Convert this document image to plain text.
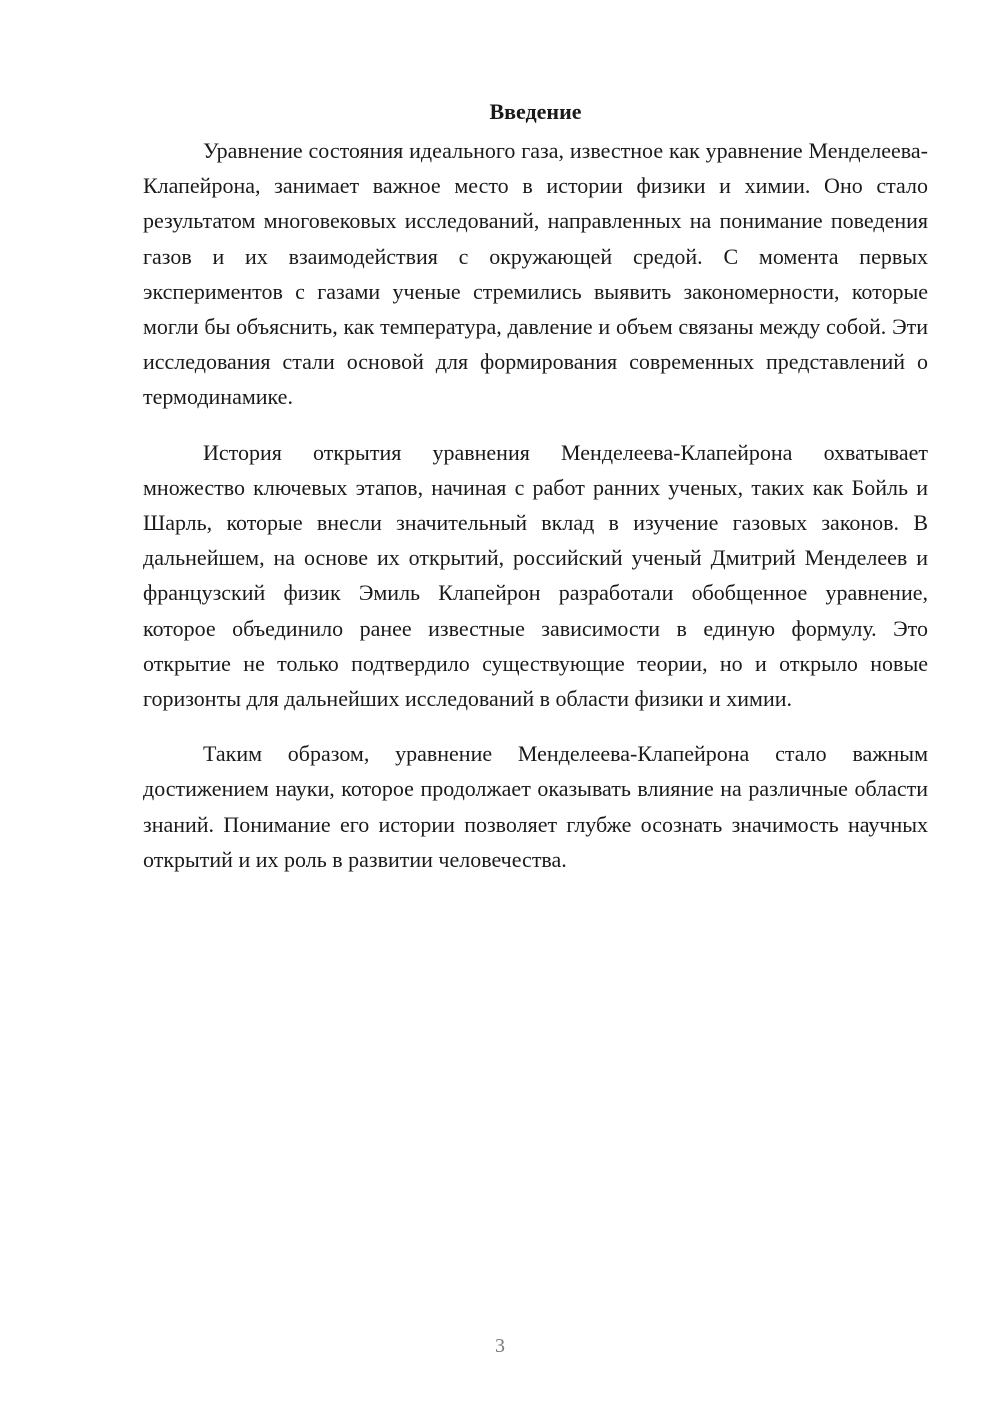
Введение

Уравнение состояния идеального газа, известное как уравнение Менделеева-Клапейрона, занимает важное место в истории физики и химии. Оно стало результатом многовековых исследований, направленных на понимание поведения газов и их взаимодействия с окружающей средой. С момента первых экспериментов с газами ученые стремились выявить закономерности, которые могли бы объяснить, как температура, давление и объем связаны между собой. Эти исследования стали основой для формирования современных представлений о термодинамике.

История открытия уравнения Менделеева-Клапейрона охватывает множество ключевых этапов, начиная с работ ранних ученых, таких как Бойль и Шарль, которые внесли значительный вклад в изучение газовых законов. В дальнейшем, на основе их открытий, российский ученый Дмитрий Менделеев и французский физик Эмиль Клапейрон разработали обобщенное уравнение, которое объединило ранее известные зависимости в единую формулу. Это открытие не только подтвердило существующие теории, но и открыло новые горизонты для дальнейших исследований в области физики и химии.

Таким образом, уравнение Менделеева-Клапейрона стало важным достижением науки, которое продолжает оказывать влияние на различные области знаний. Понимание его истории позволяет глубже осознать значимость научных открытий и их роль в развитии человечества.

3
